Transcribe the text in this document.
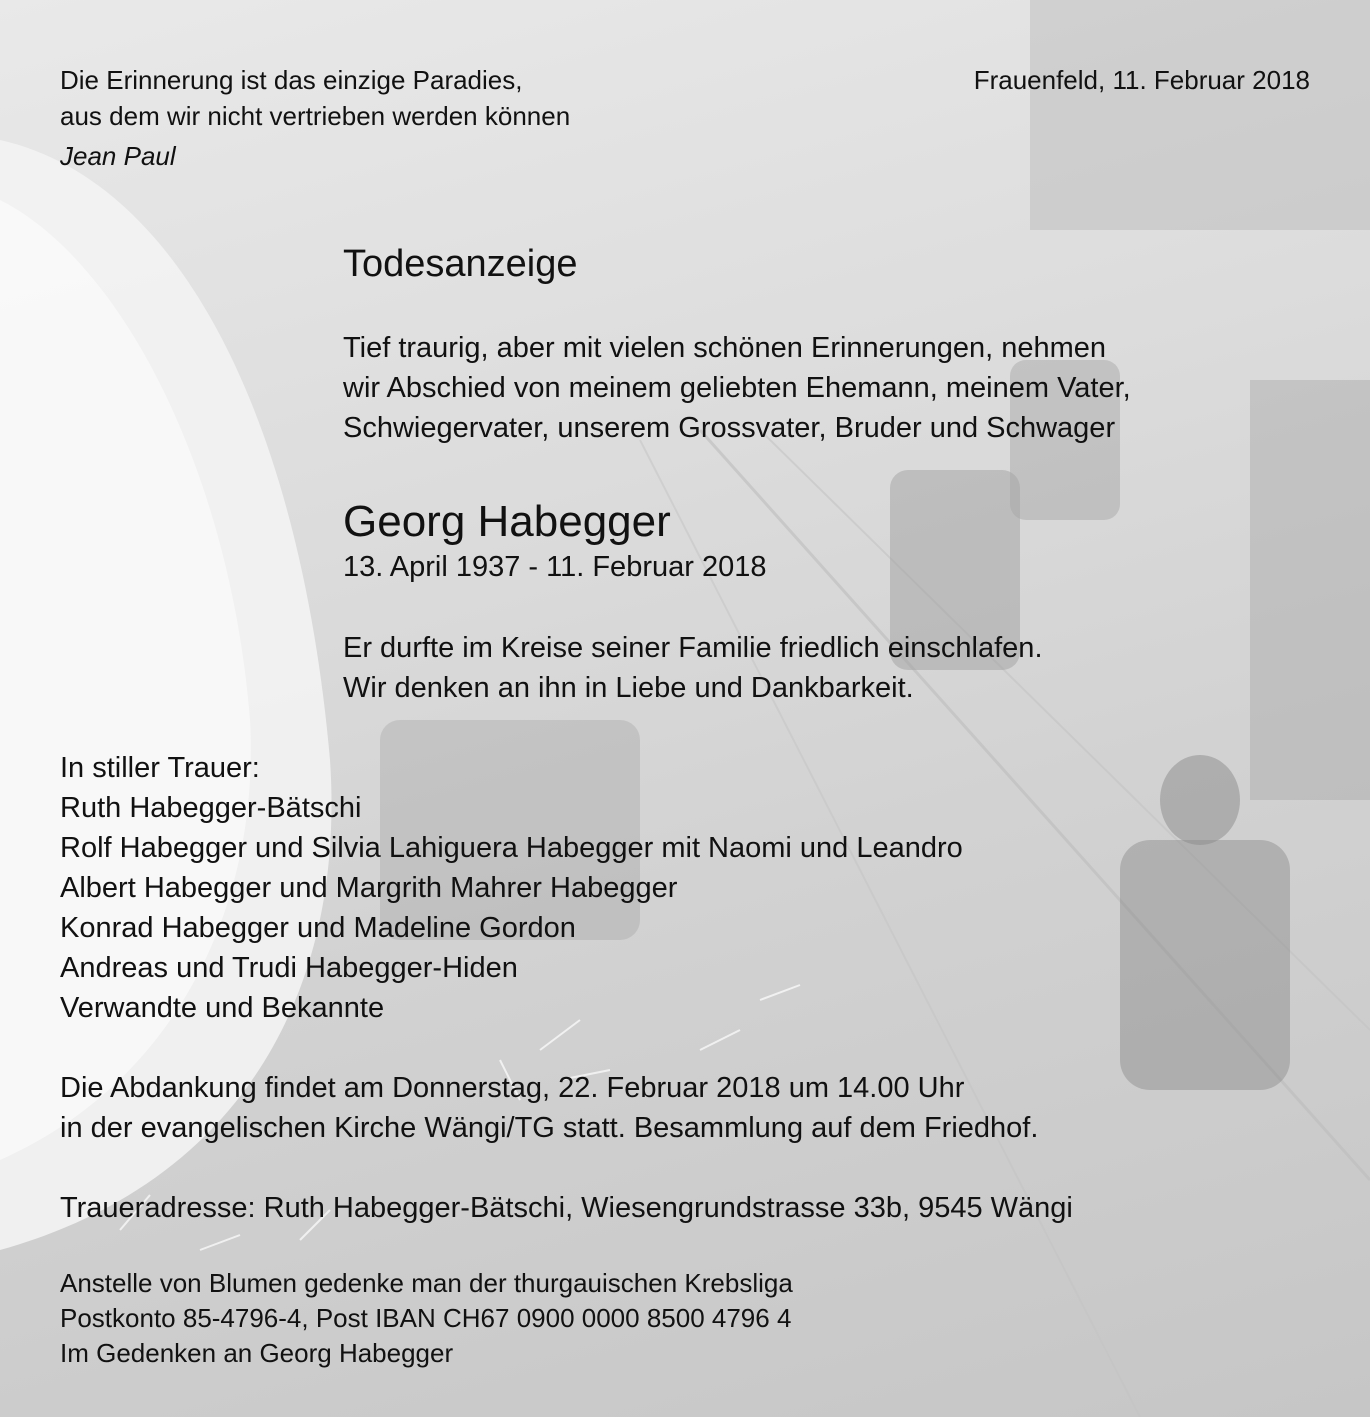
Die Erinnerung ist das einzige Paradies,
aus dem wir nicht vertrieben werden können
Jean Paul
Frauenfeld, 11. Februar 2018
Todesanzeige
Tief traurig, aber mit vielen schönen Erinnerungen, nehmen
wir Abschied von meinem geliebten Ehemann, meinem Vater,
Schwiegervater, unserem Grossvater, Bruder und Schwager
Georg Habegger
13. April 1937 - 11. Februar 2018
Er durfte im Kreise seiner Familie friedlich einschlafen.
Wir denken an ihn in Liebe und Dankbarkeit.
In stiller Trauer:
Ruth Habegger-Bätschi
Rolf Habegger und Silvia Lahiguera Habegger mit Naomi und Leandro
Albert Habegger und Margrith Mahrer Habegger
Konrad Habegger und Madeline Gordon
Andreas und Trudi Habegger-Hiden
Verwandte und Bekannte
Die Abdankung findet am Donnerstag, 22. Februar 2018 um 14.00 Uhr
in der evangelischen Kirche Wängi/TG statt. Besammlung auf dem Friedhof.
Traueradresse: Ruth Habegger-Bätschi, Wiesengrundstrasse 33b, 9545 Wängi
Anstelle von Blumen gedenke man der thurgauischen Krebsliga
Postkonto 85-4796-4, Post IBAN CH67 0900 0000 8500 4796 4
Im Gedenken an Georg Habegger
